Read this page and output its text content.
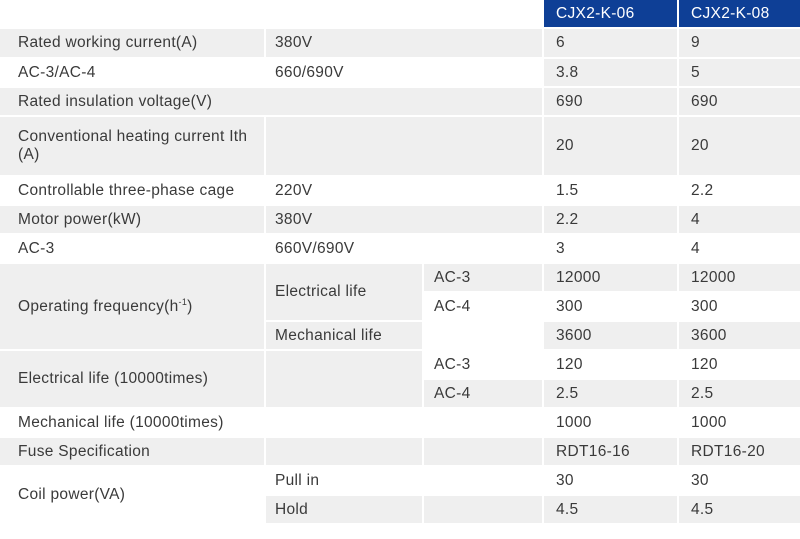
			CJX2-K-06	CJX2-K-08
Rated working current(A)	380V		6	9
AC-3/AC-4	660/690V		3.8	5
Rated insulation voltage(V)			690	690
Conventional heating current Ith (A)			20	20
Controllable three-phase cage	220V		1.5	2.2
Motor power(kW)	380V		2.2	4
AC-3	660V/690V		3	4
Operating $frequency(h^{-1})$	Electrical life	AC-3	12000	12000
		AC-4	300	300
	Mechanical life		3600	3600
Electrical life (10000times)		AC-3	120	120
		AC-4	2.5	2.5
Mechanical life (10000times)			1000	1000
Fuse Specification			RDT16-16	RDT16-20
Coil power(VA)	Pull in		30	30
	Hold		4.5	4.5
